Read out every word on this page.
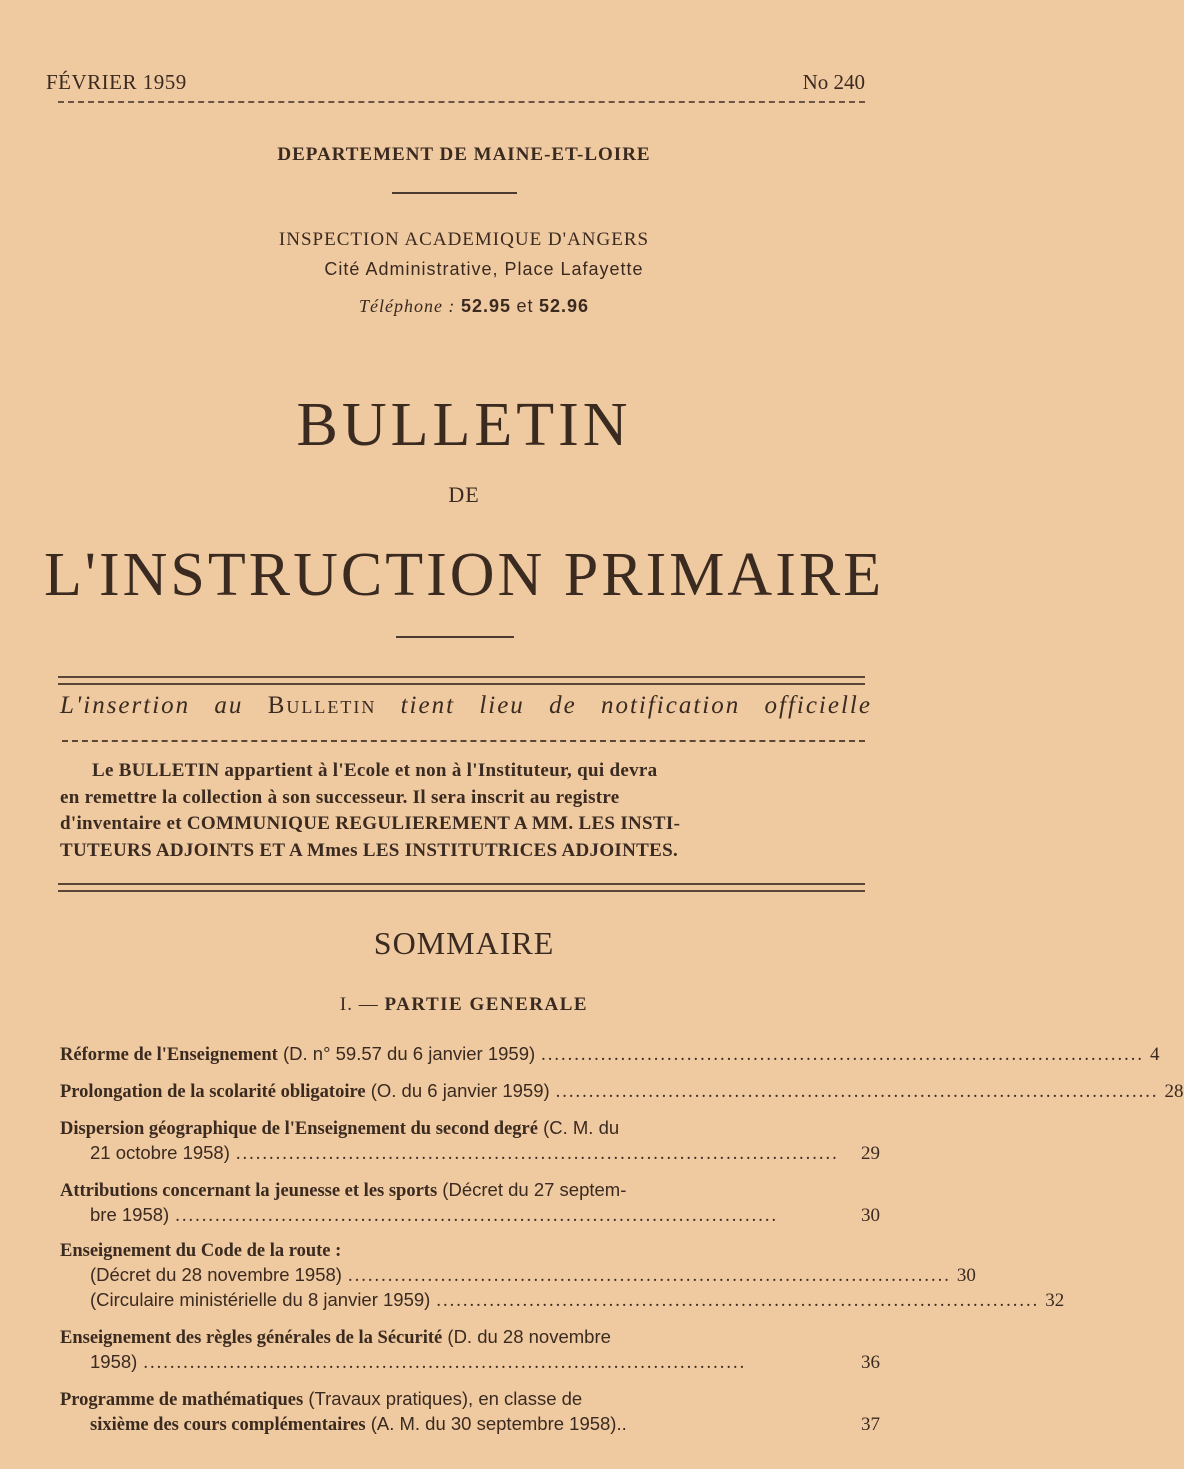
FÉVRIER 1959	No 240
DEPARTEMENT DE MAINE-ET-LOIRE
INSPECTION ACADEMIQUE D'ANGERS
Cité Administrative, Place Lafayette
Téléphone : 52.95 et 52.96
BULLETIN
DE
L'INSTRUCTION PRIMAIRE
L'insertion au Bulletin tient lieu de notification officielle
Le BULLETIN appartient à l'Ecole et non à l'Instituteur, qui devra
en remettre la collection à son successeur. Il sera inscrit au registre
d'inventaire et COMMUNIQUE REGULIEREMENT A MM. LES INSTI-
TUTEURS ADJOINTS ET A Mmes LES INSTITUTRICES ADJOINTES.
SOMMAIRE
I. — PARTIE GENERALE
Réforme de l'Enseignement (D. n° 59.57 du 6 janvier 1959) ........................................................................................... 4
Prolongation de la scolarité obligatoire (O. du 6 janvier 1959) ........................................................................................... 28
Dispersion géographique de l'Enseignement du second degré (C. M. du
21 octobre 1958) ...........................................................................................	29
Attributions concernant la jeunesse et les sports (Décret du 27 septem-
bre 1958) ...........................................................................................	30
Enseignement du Code de la route :
(Décret du 28 novembre 1958) ........................................................................................... 30
(Circulaire ministérielle du 8 janvier 1959) ........................................................................................... 32
Enseignement des règles générales de la Sécurité (D. du 28 novembre
1958) ...........................................................................................	36
Programme de mathématiques (Travaux pratiques), en classe de
sixième des cours complémentaires (A. M. du 30 septembre 1958)..	37
